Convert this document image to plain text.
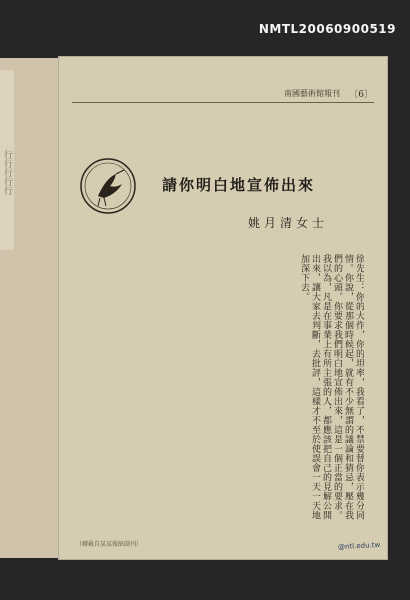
NMTL20060900519
行行行行行
南國藝術館報刊 〔6〕
請你明白地宣佈出來
姚月清女士
徐先生：你的大作，你的坦率，我看了，不禁要替你表示幾分同情。你說，從那個時候起，就有不少無謂的議論和猜忌，壓在我們的心頭。你要求我們明白地宣佈出來，這是一個正當的要求。我以為，凡是在事業上有所主張的人，都應該把自己的見解公開出來，讓大家去判斷，去批評，這樣才不至於使誤會一天一天地加深下去。
（轉載自某某報紙副刊）	@ntl.edu.tw
